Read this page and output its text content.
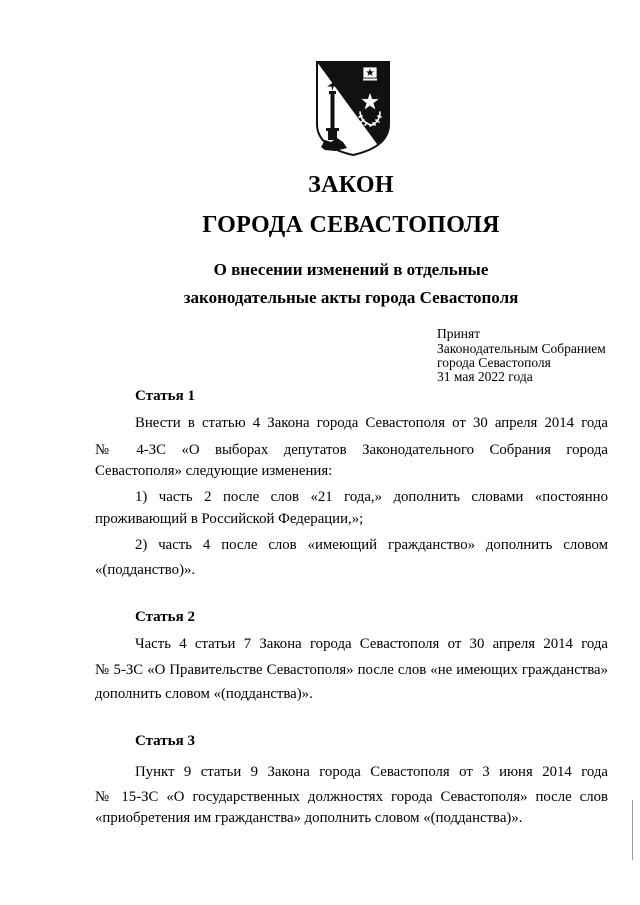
ЗАКОН
ГОРОДА СЕВАСТОПОЛЯ
О внесении изменений в отдельные
законодательные акты города Севастополя
Принят
Законодательным Собранием
города Севастополя
31 мая 2022 года
Статья 1
Внести в статью 4 Закона города Севастополя от 30 апреля 2014 года
№ 4-ЗС «О выборах депутатов Законодательного Собрания города
Севастополя» следующие изменения:
1) часть 2 после слов «21 года,» дополнить словами «постоянно
проживающий в Российской Федерации,»;
2) часть 4 после слов «имеющий гражданство» дополнить словом
«(подданство)».
Статья 2
Часть 4 статьи 7 Закона города Севастополя от 30 апреля 2014 года
№ 5-ЗС «О Правительстве Севастополя» после слов «не имеющих гражданства»
дополнить словом «(подданства)».
Статья 3
Пункт 9 статьи 9 Закона города Севастополя от 3 июня 2014 года
№ 15-ЗС «О государственных должностях города Севастополя» после слов
«приобретения им гражданства» дополнить словом «(подданства)».
